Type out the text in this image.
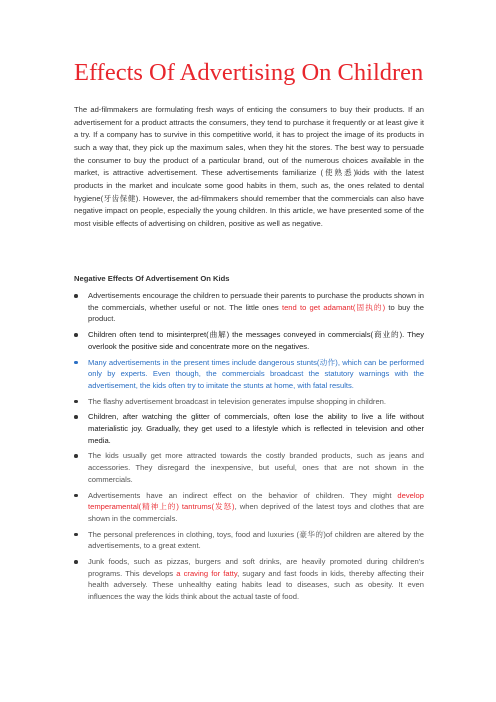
Effects Of Advertising On Children
The ad-filmmakers are formulating fresh ways of enticing the consumers to buy their products. If an advertisement for a product attracts the consumers, they tend to purchase it frequently or at least give it a try. If a company has to survive in this competitive world, it has to project the image of its products in such a way that, they pick up the maximum sales, when they hit the stores. The best way to persuade the consumer to buy the product of a particular brand, out of the numerous choices available in the market, is attractive advertisement. These advertisements familiarize (使熟悉)kids with the latest products in the market and inculcate some good habits in them, such as, the ones related to dental hygiene(牙齿保健). However, the ad-filmmakers should remember that the commercials can also have negative impact on people, especially the young children. In this article, we have presented some of the most visible effects of advertising on children, positive as well as negative.
Negative Effects Of Advertisement On Kids
Advertisements encourage the children to persuade their parents to purchase the products shown in the commercials, whether useful or not. The little ones tend to get adamant(固执的) to buy the product.
Children often tend to misinterpret(曲解) the messages conveyed in commercials(商业的). They overlook the positive side and concentrate more on the negatives.
Many advertisements in the present times include dangerous stunts(动作), which can be performed only by experts. Even though, the commercials broadcast the statutory warnings with the advertisement, the kids often try to imitate the stunts at home, with fatal results.
The flashy advertisement broadcast in television generates impulse shopping in children.
Children, after watching the glitter of commercials, often lose the ability to live a life without materialistic joy. Gradually, they get used to a lifestyle which is reflected in television and other media.
The kids usually get more attracted towards the costly branded products, such as jeans and accessories. They disregard the inexpensive, but useful, ones that are not shown in the commercials.
Advertisements have an indirect effect on the behavior of children. They might develop temperamental(精神上的) tantrums(发怒), when deprived of the latest toys and clothes that are shown in the commercials.
The personal preferences in clothing, toys, food and luxuries (豪华的)of children are altered by the advertisements, to a great extent.
Junk foods, such as pizzas, burgers and soft drinks, are heavily promoted during children's programs. This develops a craving for fatty, sugary and fast foods in kids, thereby affecting their health adversely. These unhealthy eating habits lead to diseases, such as obesity. It even influences the way the kids think about the actual taste of food.
